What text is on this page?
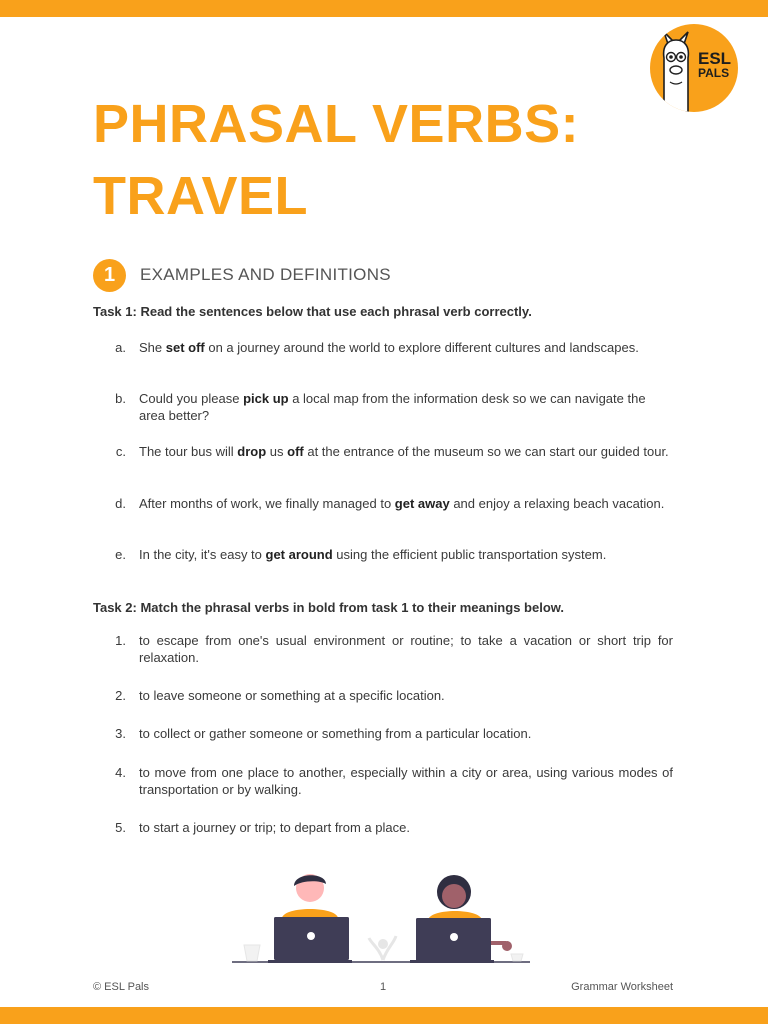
ESL
PALS
PHRASAL VERBS:
TRAVEL
1	EXAMPLES AND DEFINITIONS
Task 1: Read the sentences below that use each phrasal verb correctly.
a. She set off on a journey around the world to explore different cultures and landscapes.
b. Could you please pick up a local map from the information desk so we can navigate the area better?
c. The tour bus will drop us off at the entrance of the museum so we can start our guided tour.
d. After months of work, we finally managed to get away and enjoy a relaxing beach vacation.
e. In the city, it's easy to get around using the efficient public transportation system.
Task 2: Match the phrasal verbs in bold from task 1 to their meanings below.
1. to escape from one's usual environment or routine; to take a vacation or short trip for relaxation.
2. to leave someone or something at a specific location.
3. to collect or gather someone or something from a particular location.
4. to move from one place to another, especially within a city or area, using various modes of transportation or by walking.
5. to start a journey or trip; to depart from a place.
© ESL Pals	1	Grammar Worksheet
